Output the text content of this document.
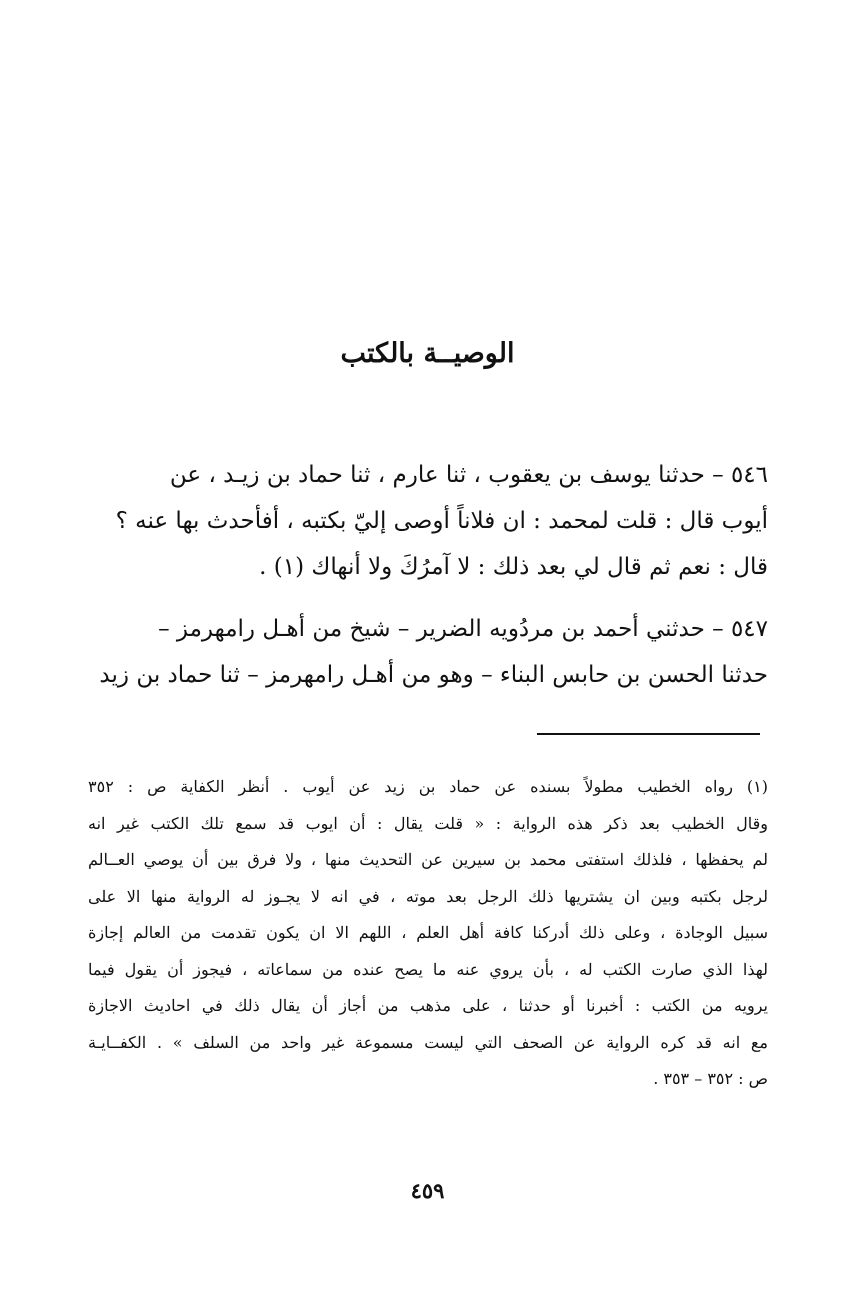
الوصيــة بالكتب
٥٤٦ – حدثنا يوسف بن يعقوب ، ثنا عارم ، ثنا حماد بن زيـد ، عن
أيوب قال : قلت لمحمد : ان فلاناً أوصى إليّ بكتبه ، أفأحدث بها عنه ؟
قال : نعم ثم قال لي بعد ذلك : لا آمرُكَ ولا أنهاك (١) .
٥٤٧ – حدثني أحمد بن مردُويه الضرير – شيخ من أهـل رامهرمز –
حدثنا الحسن بن حابس البناء – وهو من أهـل رامهرمز – ثنا حماد بن زيد
(١) رواه الخطيب مطولاً بسنده عن حماد بن زيد عن أيوب . أنظر الكفاية ص : ٣٥٢
وقال الخطيب بعد ذكر هذه الرواية : « قلت يقال : أن ايوب قد سمع تلك الكتب غير انه
لم يحفظها ، فلذلك استفتى محمد بن سيرين عن التحديث منها ، ولا فرق بين أن يوصي العــالم
لرجل بكتبه وبين ان يشتريها ذلك الرجل بعد موته ، في انه لا يجـوز له الرواية منها الا على
سبيل الوجادة ، وعلى ذلك أدركنا كافة أهل العلم ، اللهم الا ان يكون تقدمت من العالم إجازة
لهذا الذي صارت الكتب له ، بأن يروي عنه ما يصح عنده من سماعاته ، فيجوز أن يقول فيما
يرويه من الكتب : أخبرنا أو حدثنا ، على مذهب من أجاز أن يقال ذلك في احاديث الاجازة
مع انه قد كره الرواية عن الصحف التي ليست مسموعة غير واحد من السلف » . الكفــايـة
ص : ٣٥٢ – ٣٥٣ .
٤٥٩
